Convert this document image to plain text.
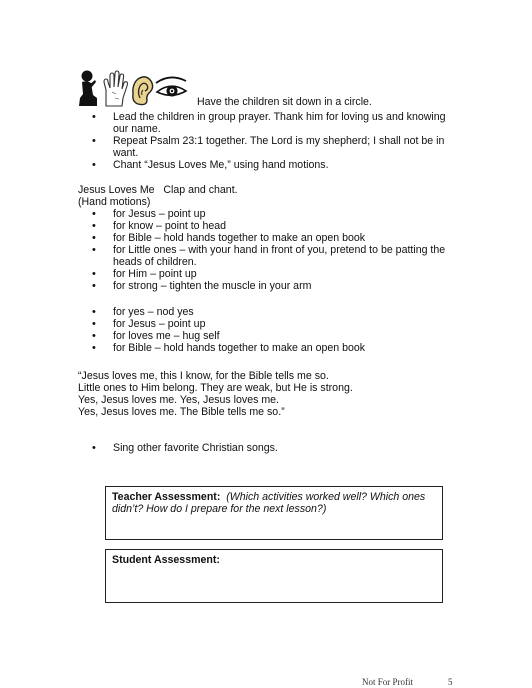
Have the children sit down in a circle.
• Lead the children in group prayer. Thank him for loving us and knowing our name.
• Repeat Psalm 23:1 together. The Lord is my shepherd; I shall not be in want.
• Chant “Jesus Loves Me,” using hand motions.
Jesus Loves Me   Clap and chant.
(Hand motions)
• for Jesus – point up
• for know – point to head
• for Bible – hold hands together to make an open book
• for Little ones – with your hand in front of you, pretend to be patting the heads of children.
• for Him – point up
• for strong – tighten the muscle in your arm
• for yes – nod yes
• for Jesus – point up
• for loves me – hug self
• for Bible – hold hands together to make an open book
“Jesus loves me, this I know, for the Bible tells me so.
Little ones to Him belong. They are weak, but He is strong.
Yes, Jesus loves me. Yes, Jesus loves me.
Yes, Jesus loves me. The Bible tells me so.”
• Sing other favorite Christian songs.
Teacher Assessment: (Which activities worked well? Which ones didn’t? How do I prepare for the next lesson?)
Student Assessment:
Not For Profit	5
